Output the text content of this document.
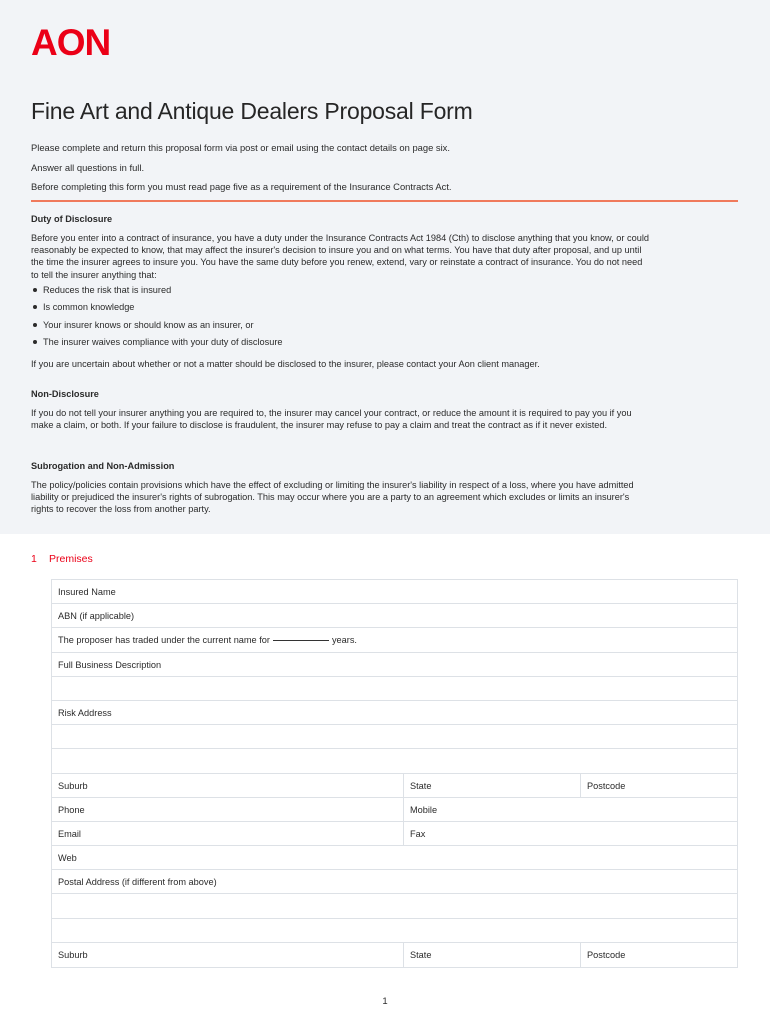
AON
Fine Art and Antique Dealers Proposal Form
Please complete and return this proposal form via post or email using the contact details on page six.
Answer all questions in full.
Before completing this form you must read page five as a requirement of the Insurance Contracts Act.
Duty of Disclosure

Before you enter into a contract of insurance, you have a duty under the Insurance Contracts Act 1984 (Cth) to disclose anything that you know, or could reasonably be expected to know, that may affect the insurer's decision to insure you and on what terms. You have that duty after proposal, and up until the time the insurer agrees to insure you. You have the same duty before you renew, extend, vary or reinstate a contract of insurance. You do not need to tell the insurer anything that:

Reduces the risk that is insured
Is common knowledge
Your insurer knows or should know as an insurer, or
The insurer waives compliance with your duty of disclosure
If you are uncertain about whether or not a matter should be disclosed to the insurer, please contact your Aon client manager.
Non-Disclosure

If you do not tell your insurer anything you are required to, the insurer may cancel your contract, or reduce the amount it is required to pay you if you make a claim, or both. If your failure to disclose is fraudulent, the insurer may refuse to pay a claim and treat the contract as if it never existed.

Subrogation and Non-Admission

The policy/policies contain provisions which have the effect of excluding or limiting the insurer's liability in respect of a loss, where you have admitted liability or prejudiced the insurer's rights of subrogation. This may occur where you are a party to an agreement which excludes or limits an insurer's rights to recover the loss from another party.

1 Premises
Insured Name
ABN (if applicable)
The proposer has traded under the current name for	years.
Full Business Description
Risk Address
Suburb	State	Postcode
Phone	Mobile
Email	Fax
Web
Postal Address (if different from above)
Suburb	State	Postcode
1
